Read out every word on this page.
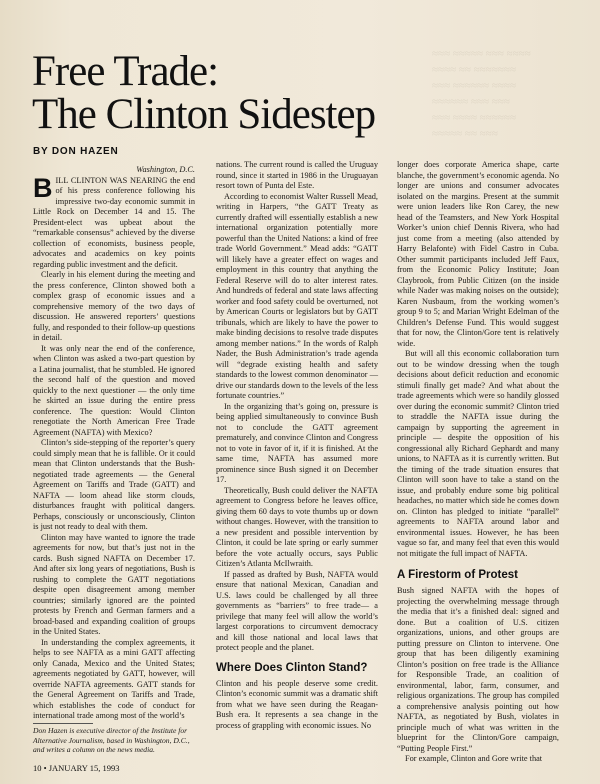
≈≈≈ ≈≈≈≈≈ ≈≈≈ ≈≈≈≈
≈≈≈≈ ≈≈ ≈≈≈≈≈≈≈
≈≈≈ ≈≈≈≈≈≈ ≈≈≈≈
≈≈≈≈≈≈ ≈≈≈ ≈≈≈
≈≈≈ ≈≈≈≈ ≈≈≈≈≈≈
≈≈≈≈≈ ≈≈ ≈≈≈
Free Trade:
The Clinton Sidestep
BY DON HAZEN

Washington, D.C.

BILL CLINTON WAS NEARING the end of his press conference following his impressive two-day economic summit in Little Rock on December 14 and 15. The President-elect was upbeat about the “remarkable consensus” achieved by the diverse collection of economists, business people, advocates and academics on key points regarding public investment and the deficit.

Clearly in his element during the meeting and the press conference, Clinton showed both a complex grasp of economic issues and a comprehensive memory of the two days of discussion. He answered reporters’ questions fully, and responded to their follow-up questions in detail.

It was only near the end of the conference, when Clinton was asked a two-part question by a Latina journalist, that he stumbled. He ignored the second half of the question and moved quickly to the next questioner — the only time he skirted an issue during the entire press conference. The question: Would Clinton renegotiate the North American Free Trade Agreement (NAFTA) with Mexico?

Clinton’s side-stepping of the reporter’s query could simply mean that he is fallible. Or it could mean that Clinton understands that the Bush-negotiated trade agreements — the General Agreement on Tariffs and Trade (GATT) and NAFTA — loom ahead like storm clouds, disturbances fraught with political dangers. Perhaps, consciously or unconsciously, Clinton is just not ready to deal with them.

Clinton may have wanted to ignore the trade agreements for now, but that’s just not in the cards. Bush signed NAFTA on December 17. And after six long years of negotiations, Bush is rushing to complete the GATT negotiations despite open disagreement among member countries; similarly ignored are the pointed protests by French and German farmers and a broad-based and expanding coalition of groups in the United States.

In understanding the complex agreements, it helps to see NAFTA as a mini GATT affecting only Canada, Mexico and the United States; agreements negotiated by GATT, however, will override NAFTA agreements. GATT stands for the General Agreement on Tariffs and Trade, which establishes the code of conduct for international trade among most of the world’s

nations. The current round is called the Uruguay round, since it started in 1986 in the Uruguayan resort town of Punta del Este.

According to economist Walter Russell Mead, writing in Harpers, “the GATT Treaty as currently drafted will essentially establish a new international organization potentially more powerful than the United Nations: a kind of free trade World Government.” Mead adds: “GATT will likely have a greater effect on wages and employment in this country that anything the Federal Reserve will do to alter interest rates. And hundreds of federal and state laws affecting worker and food safety could be overturned, not by American Courts or legislators but by GATT tribunals, which are likely to have the power to make binding decisions to resolve trade disputes among member nations.” In the words of Ralph Nader, the Bush Administration’s trade agenda will “degrade existing health and safety standards to the lowest common denominator — drive our standards down to the levels of the less fortunate countries.”

In the organizing that’s going on, pressure is being applied simultaneously to convince Bush not to conclude the GATT agreement prematurely, and convince Clinton and Congress not to vote in favor of it, if it is finished. At the same time, NAFTA has assumed more prominence since Bush signed it on December 17.

Theoretically, Bush could deliver the NAFTA agreement to Congress before he leaves office, giving them 60 days to vote thumbs up or down without changes. However, with the transition to a new president and possible intervention by Clinton, it could be late spring or early summer before the vote actually occurs, says Public Citizen’s Atlanta McIlwraith.

If passed as drafted by Bush, NAFTA would ensure that national Mexican, Canadian and U.S. laws could be challenged by all three governments as “barriers” to free trade— a privilege that many feel will allow the world’s largest corporations to circumvent democracy and kill those national and local laws that protect people and the planet.

Where Does Clinton Stand?

Clinton and his people deserve some credit. Clinton’s economic summit was a dramatic shift from what we have seen during the Reagan-Bush era. It represents a sea change in the process of grappling with economic issues. No

longer does corporate America shape, carte blanche, the government’s economic agenda. No longer are unions and consumer advocates isolated on the margins. Present at the summit were union leaders like Ron Carey, the new head of the Teamsters, and New York Hospital Worker’s union chief Dennis Rivera, who had just come from a meeting (also attended by Harry Belafonte) with Fidel Castro in Cuba. Other summit participants included Jeff Faux, from the Economic Policy Institute; Joan Claybrook, from Public Citizen (on the inside while Nader was making noises on the outside); Karen Nusbaum, from the working women’s group 9 to 5; and Marian Wright Edelman of the Children’s Defense Fund. This would suggest that for now, the Clinton/Gore tent is relatively wide.

But will all this economic collaboration turn out to be window dressing when the tough decisions about deficit reduction and economic stimuli finally get made? And what about the trade agreements which were so handily glossed over during the economic summit? Clinton tried to straddle the NAFTA issue during the campaign by supporting the agreement in principle — despite the opposition of his congressional ally Richard Gephardt and many unions, to NAFTA as it is currently written. But the timing of the trade situation ensures that Clinton will soon have to take a stand on the issue, and probably endure some big political headaches, no matter which side he comes down on. Clinton has pledged to initiate “parallel” agreements to NAFTA around labor and environmental issues. However, he has been vague so far, and many feel that even this would not mitigate the full impact of NAFTA.

A Firestorm of Protest

Bush signed NAFTA with the hopes of projecting the overwhelming message through the media that it’s a finished deal: signed and done. But a coalition of U.S. citizen organizations, unions, and other groups are putting pressure on Clinton to intervene. One group that has been diligently examining Clinton’s position on free trade is the Alliance for Responsible Trade, an coalition of environmental, labor, farm, consumer, and religious organizations. The group has compiled a comprehensive analysis pointing out how NAFTA, as negotiated by Bush, violates in principle much of what was written in the blueprint for the Clinton/Gore campaign, “Putting People First.”

For example, Clinton and Gore write that

Don Hazen is executive director of the Institute for Alternative Journalism, based in Washington, D.C., and writes a column on the news media.
10 • JANUARY 15, 1993
